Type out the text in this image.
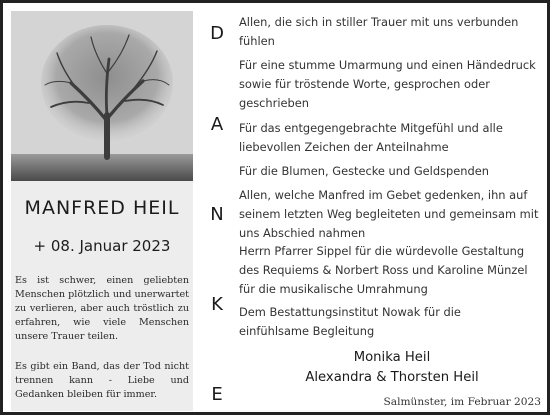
MANFRED HEIL
+ 08. Januar 2023

Es ist schwer, einen geliebten Menschen plötzlich und unerwartet zu verlieren, aber auch tröstlich zu erfahren, wie viele Menschen unsere Trauer teilen.

Es gibt ein Band, das der Tod nicht trennen kann - Liebe und Gedanken bleiben für immer.

D
A
N
K
E
Allen, die sich in stiller Trauer mit uns verbunden
fühlen
Für eine stumme Umarmung und einen Händedruck
sowie für tröstende Worte, gesprochen oder
geschrieben
Für das entgegengebrachte Mitgefühl und alle
liebevollen Zeichen der Anteilnahme
Für die Blumen, Gestecke und Geldspenden
Allen, welche Manfred im Gebet gedenken, ihn auf
seinem letzten Weg begleiteten und gemeinsam mit
uns Abschied nahmen
Herrn Pfarrer Sippel für die würdevolle Gestaltung
des Requiems & Norbert Ross und Karoline Münzel
für die musikalische Umrahmung
Dem Bestattungsinstitut Nowak für die
einfühlsame Begleitung
Monika Heil
Alexandra & Thorsten Heil
Salmünster, im Februar 2023
